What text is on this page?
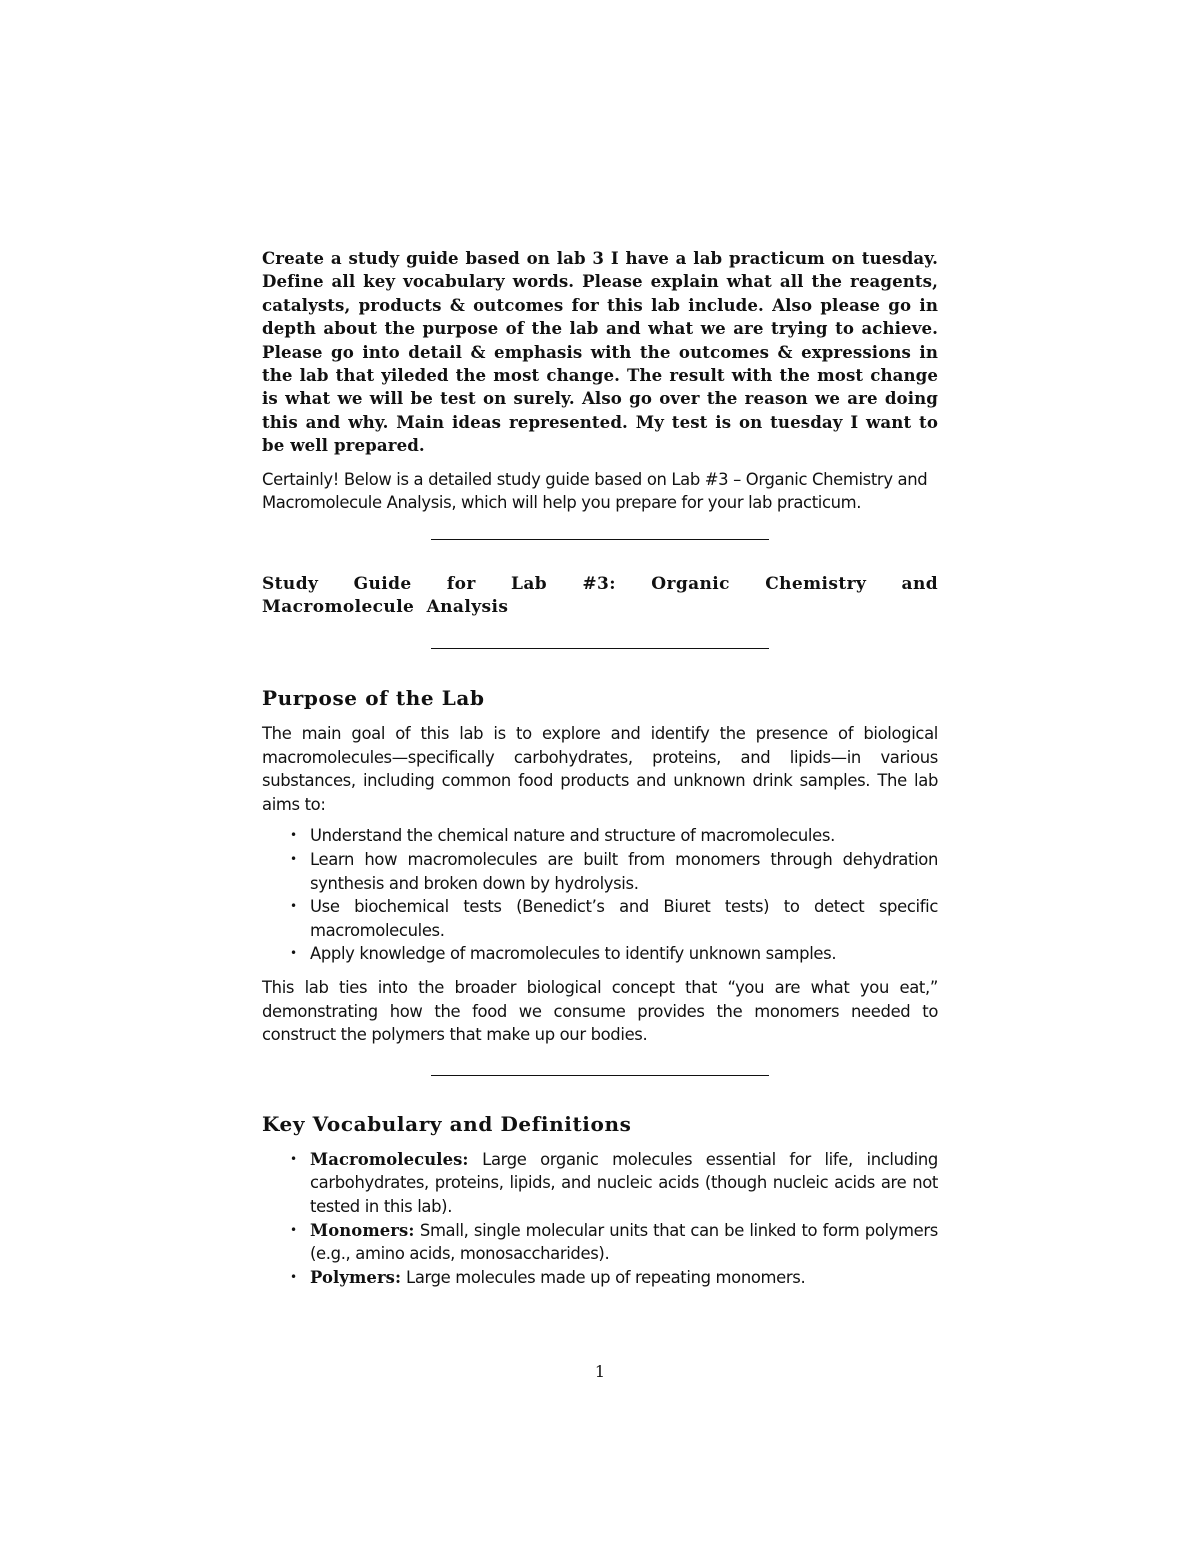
Create a study guide based on lab 3 I have a lab practicum on tuesday. Define all key vocabulary words. Please explain what all the reagents, catalysts, products & outcomes for this lab include. Also please go in depth about the purpose of the lab and what we are trying to achieve. Please go into detail & emphasis with the outcomes & expressions in the lab that yileded the most change. The result with the most change is what we will be test on surely. Also go over the reason we are doing this and why. Main ideas represented. My test is on tuesday I want to be well prepared.

Certainly! Below is a detailed study guide based on Lab #3 – Organic Chemistry and Macromolecule Analysis, which will help you prepare for your lab practicum.

Study Guide for Lab #3: Organic Chemistry and Macromolecule Analysis

Purpose of the Lab

The main goal of this lab is to explore and identify the presence of biological macromolecules—specifically carbohydrates, proteins, and lipids—in various substances, including common food products and unknown drink samples. The lab aims to:

• Understand the chemical nature and structure of macromolecules.
• Learn how macromolecules are built from monomers through dehydration synthesis and broken down by hydrolysis.
• Use biochemical tests (Benedict’s and Biuret tests) to detect specific macromolecules.
• Apply knowledge of macromolecules to identify unknown samples.

This lab ties into the broader biological concept that “you are what you eat,” demonstrating how the food we consume provides the monomers needed to construct the polymers that make up our bodies.

Key Vocabulary and Definitions
• Macromolecules: Large organic molecules essential for life, including carbohydrates, proteins, lipids, and nucleic acids (though nucleic acids are not tested in this lab).
• Monomers: Small, single molecular units that can be linked to form polymers (e.g., amino acids, monosaccharides).
• Polymers: Large molecules made up of repeating monomers.
1
